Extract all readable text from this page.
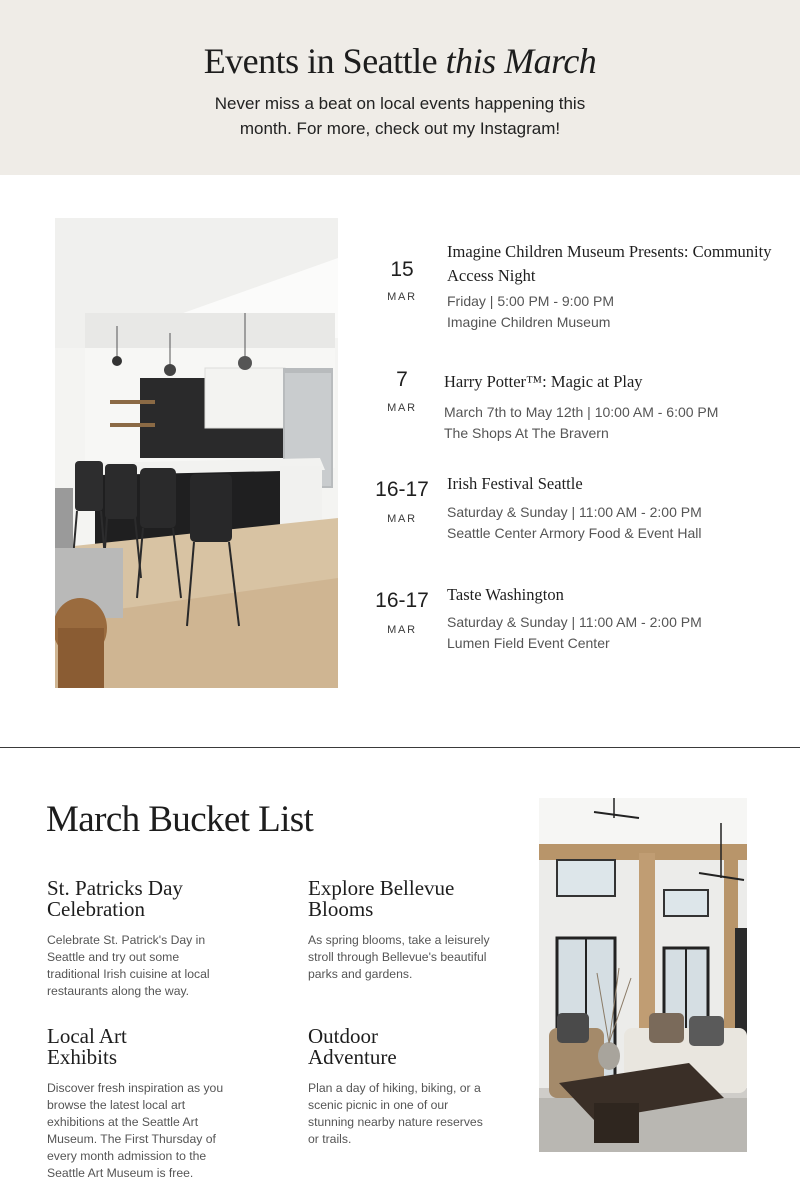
Events in Seattle this March

Never miss a beat on local events happening this
month. For more, check out my Instagram!

15
MAR
Imagine Children Museum Presents: Community
Access Night
Friday | 5:00 PM - 9:00 PM
Imagine Children Museum
7
MAR
Harry Potter™: Magic at Play
March 7th to May 12th | 10:00 AM - 6:00 PM
The Shops At The Bravern
16-17
MAR
Irish Festival Seattle
Saturday & Sunday | 11:00 AM - 2:00 PM
Seattle Center Armory Food & Event Hall
16-17
MAR
Taste Washington
Saturday & Sunday | 11:00 AM - 2:00 PM
Lumen Field Event Center
March Bucket List
St. Patricks Day
Celebration

Celebrate St. Patrick's Day in Seattle and try out some traditional Irish cuisine at local restaurants along the way.

Explore Bellevue
Blooms

As spring blooms, take a leisurely stroll through Bellevue's beautiful parks and gardens.

Local Art
Exhibits

Discover fresh inspiration as you browse the latest local art exhibitions at the Seattle Art Museum. The First Thursday of every month admission to the Seattle Art Museum is free.

Outdoor
Adventure

Plan a day of hiking, biking, or a scenic picnic in one of our stunning nearby nature reserves or trails.
